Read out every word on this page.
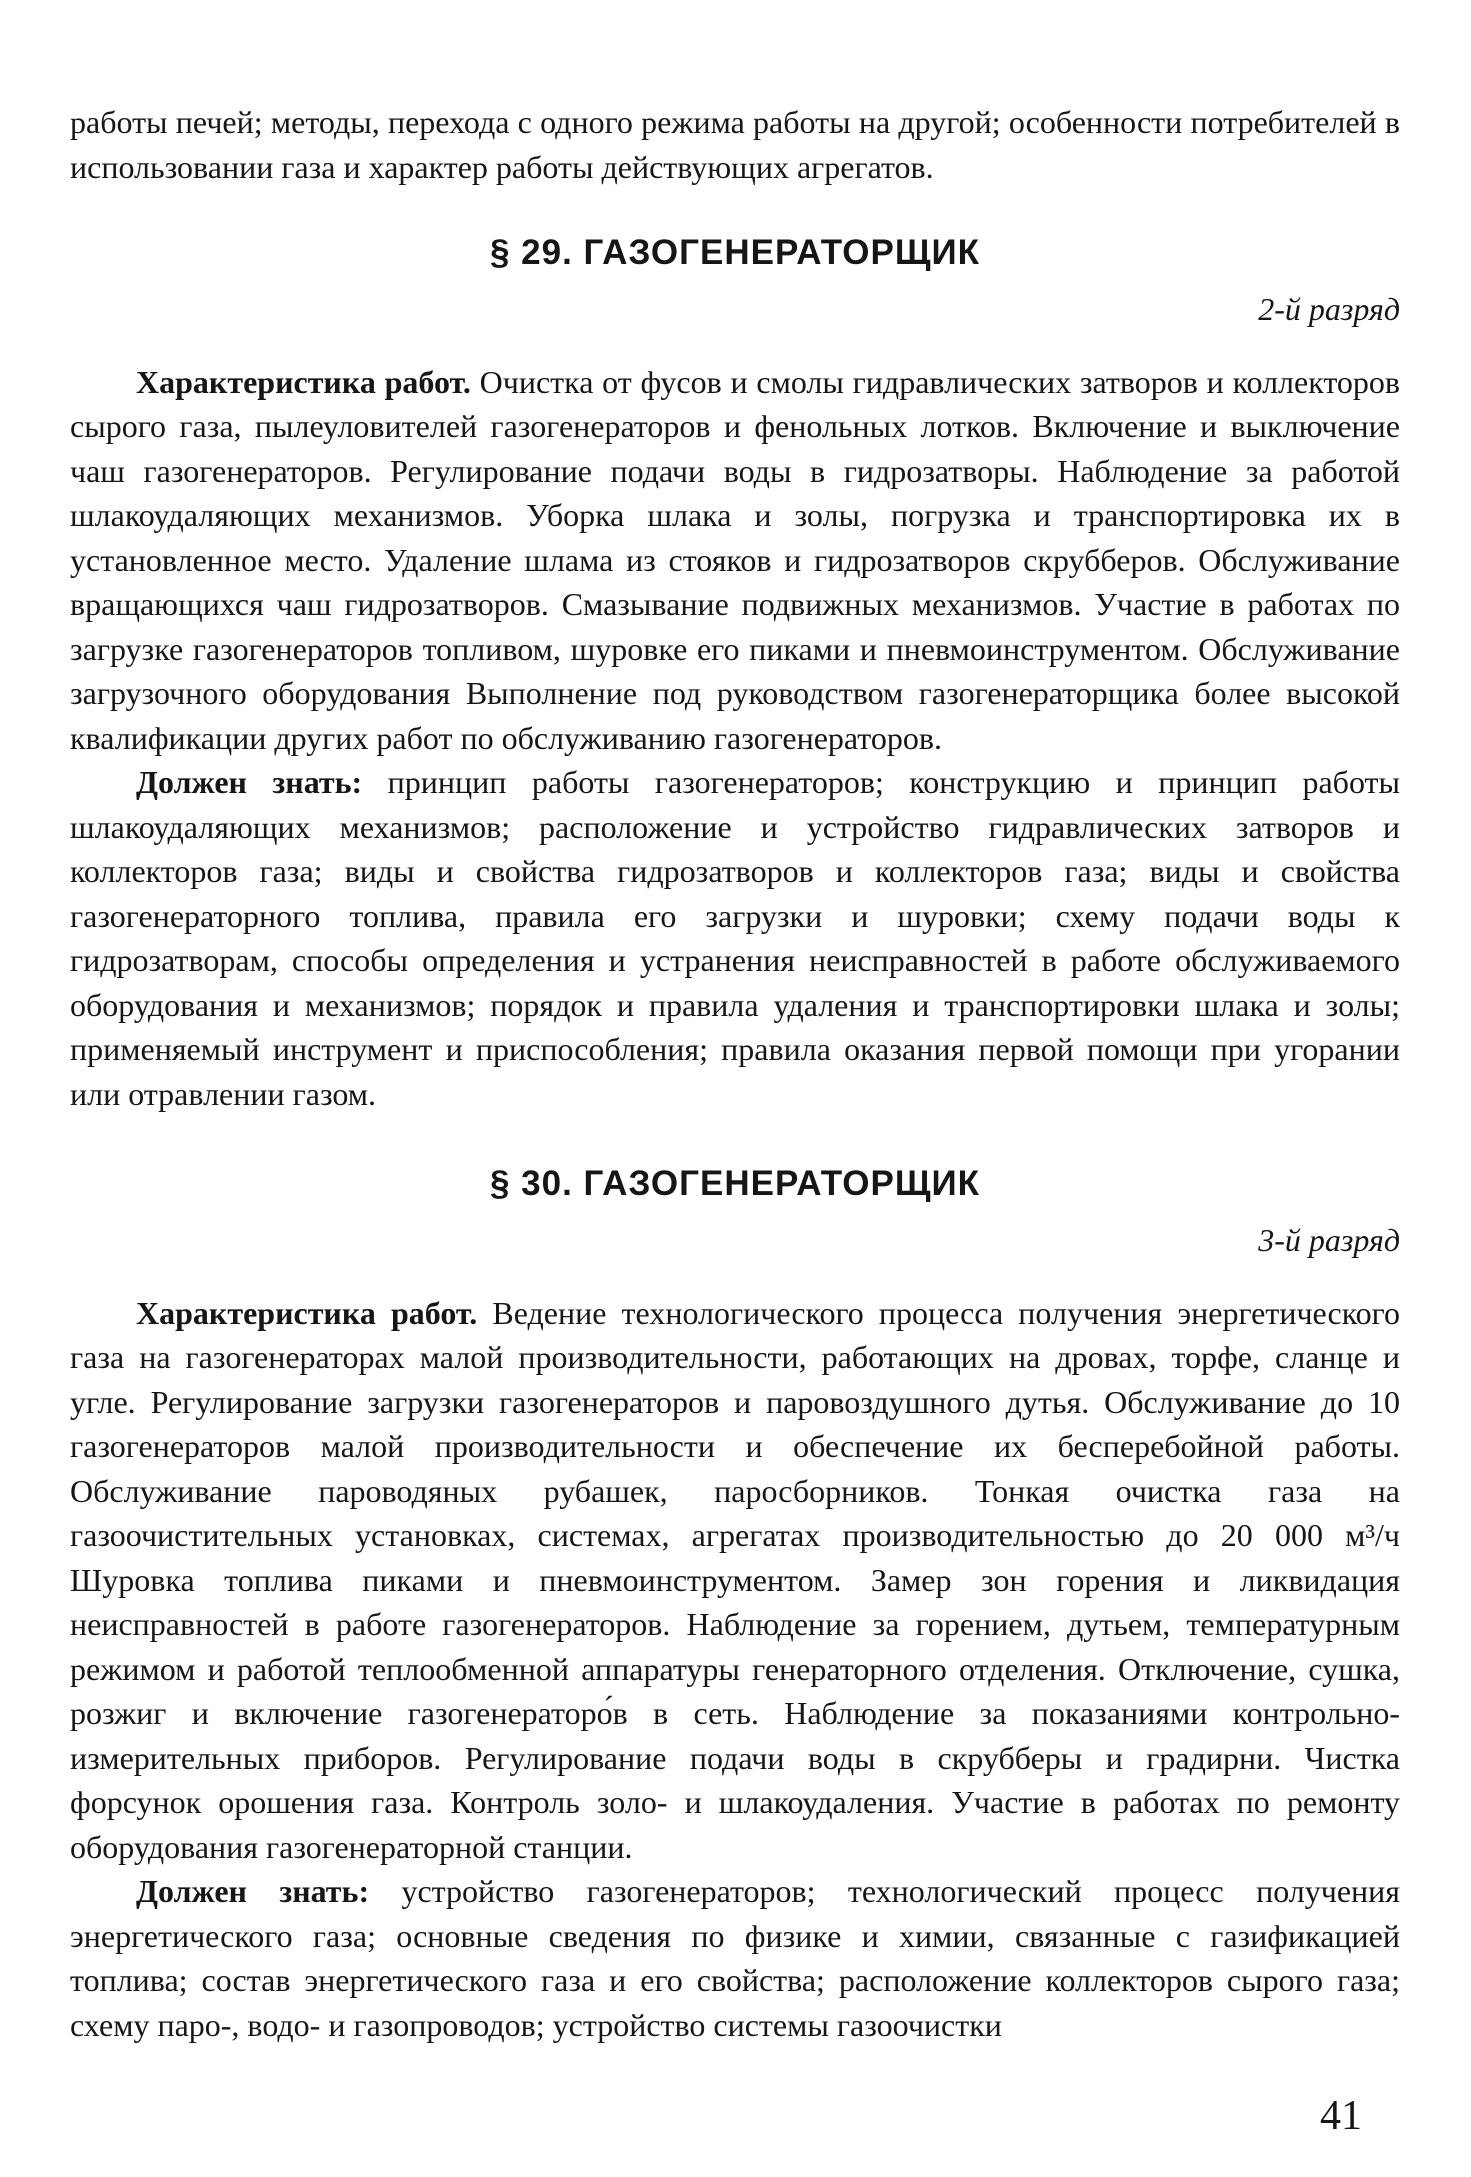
работы печей; методы, перехода с одного режима работы на другой; особенности потребителей в использовании газа и характер работы действующих агрегатов.

§ 29. ГАЗОГЕНЕРАТОРЩИК

2-й разряд

Характеристика работ. Очистка от фусов и смолы гидравлических затворов и коллекторов сырого газа, пылеуловителей газогенераторов и фенольных лотков. Включение и выключение чаш газогенераторов. Регулирование подачи воды в гидрозатворы. Наблюдение за работой шлакоудаляющих механизмов. Уборка шлака и золы, погрузка и транспортировка их в установленное место. Удаление шлама из стояков и гидрозатворов скрубберов. Обслуживание вращающихся чаш гидрозатворов. Смазывание подвижных механизмов. Участие в работах по загрузке газогенераторов топливом, шуровке его пиками и пневмоинструментом. Обслуживание загрузочного оборудования Выполнение под руководством газогенераторщика более высокой квалификации других работ по обслуживанию газогенераторов.

Должен знать: принцип работы газогенераторов; конструкцию и принцип работы шлакоудаляющих механизмов; расположение и устройство гидравлических затворов и коллекторов газа; виды и свойства гидрозатворов и коллекторов газа; виды и свойства газогенераторного топлива, правила его загрузки и шуровки; схему подачи воды к гидрозатворам, способы определения и устранения неисправностей в работе обслуживаемого оборудования и механизмов; порядок и правила удаления и транспортировки шлака и золы; применяемый инструмент и приспособления; правила оказания первой помощи при угорании или отравлении газом.

§ 30. ГАЗОГЕНЕРАТОРЩИК

3-й разряд

Характеристика работ. Ведение технологического процесса получения энергетического газа на газогенераторах малой производительности, работающих на дровах, торфе, сланце и угле. Регулирование загрузки газогенераторов и паровоздушного дутья. Обслуживание до 10 газогенераторов малой производительности и обеспечение их бесперебойной работы. Обслуживание пароводяных рубашек, паросборников. Тонкая очистка газа на газоочистительных установках, системах, агрегатах производительностью до 20 000 м³/ч Шуровка топлива пиками и пневмоинструментом. Замер зон горения и ликвидация неисправностей в работе газогенераторов. Наблюдение за горением, дутьем, температурным режимом и работой теплообменной аппаратуры генераторного отделения. Отключение, сушка, розжиг и включение газогенераторо́в в сеть. Наблюдение за показаниями контрольно-измерительных приборов. Регулирование подачи воды в скрубберы и градирни. Чистка форсунок орошения газа. Контроль золо- и шлакоудаления. Участие в работах по ремонту оборудования газогенераторной станции.

Должен знать: устройство газогенераторов; технологический процесс получения энергетического газа; основные сведения по физике и химии, связанные с газификацией топлива; состав энергетического газа и его свойства; расположение коллекторов сырого газа; схему паро-, водо- и газопроводов; устройство системы газоочистки

41
